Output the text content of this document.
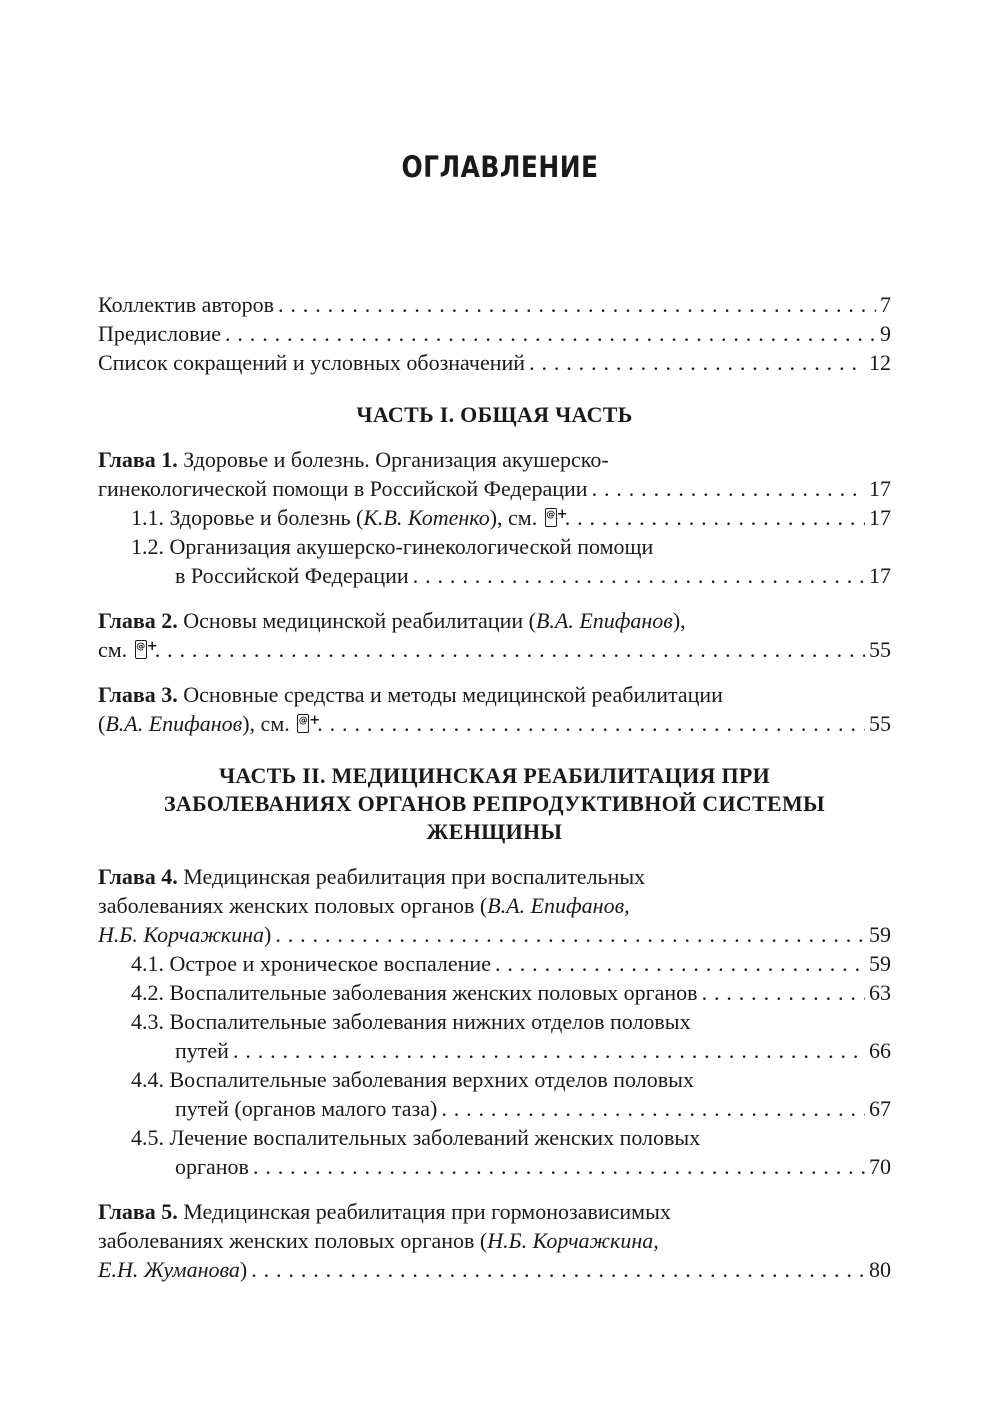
ОГЛАВЛЕНИЕ
Коллектив авторов . . .	7
Предисловие . . .	9
Список сокращений и условных обозначений . . .	12
ЧАСТЬ I. ОБЩАЯ ЧАСТЬ
Глава 1. Здоровье и болезнь. Организация акушерско-
гинекологической помощи в Российской Федерации . . .	17
1.1. Здоровье и болезнь (К.В. Котенко), см. @ + . . .	17
1.2. Организация акушерско-гинекологической помощи
в Российской Федерации . . .	17
Глава 2. Основы медицинской реабилитации (В.А. Епифанов),
см. @ + . . .	55
Глава 3. Основные средства и методы медицинской реабилитации
(В.А. Епифанов), см. @ + . . .	55
ЧАСТЬ II. МЕДИЦИНСКАЯ РЕАБИЛИТАЦИЯ ПРИ
ЗАБОЛЕВАНИЯХ ОРГАНОВ РЕПРОДУКТИВНОЙ СИСТЕМЫ
ЖЕНЩИНЫ
Глава 4. Медицинская реабилитация при воспалительных
заболеваниях женских половых органов (В.А. Епифанов,
Н.Б. Корчажкина) . . .	59
4.1. Острое и хроническое воспаление . . .	59
4.2. Воспалительные заболевания женских половых органов . . .	63
4.3. Воспалительные заболевания нижних отделов половых
путей . . .	66
4.4. Воспалительные заболевания верхних отделов половых
путей (органов малого таза) . . .	67
4.5. Лечение воспалительных заболеваний женских половых
органов . . .	70
Глава 5. Медицинская реабилитация при гормонозависимых
заболеваниях женских половых органов (Н.Б. Корчажкина,
Е.Н. Жуманова) . . .	80
